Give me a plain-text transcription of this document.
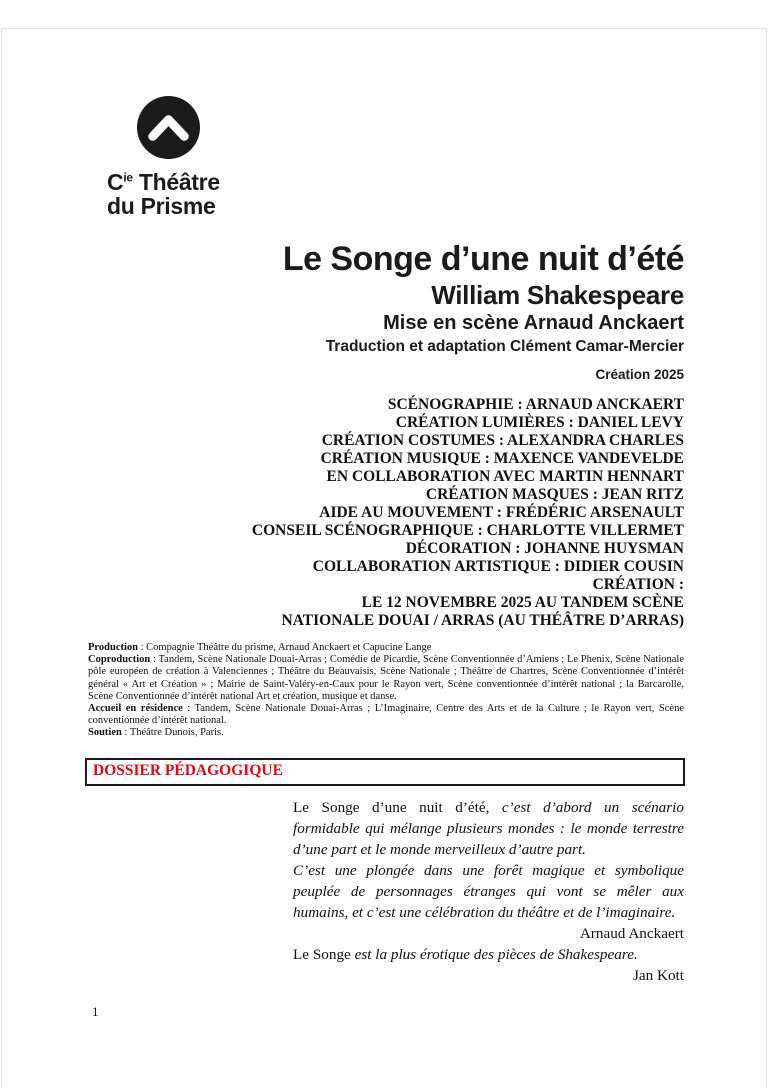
$C^{ie}$ Théâtre
du Prisme
Le Songe d’une nuit d’été
William Shakespeare
Mise en scène Arnaud Anckaert
Traduction et adaptation Clément Camar-Mercier
Création 2025
SCÉNOGRAPHIE : ARNAUD ANCKAERT
CRÉATION LUMIÈRES : DANIEL LEVY
CRÉATION COSTUMES : ALEXANDRA CHARLES
CRÉATION MUSIQUE : MAXENCE VANDEVELDE
EN COLLABORATION AVEC MARTIN HENNART
CRÉATION MASQUES : JEAN RITZ
AIDE AU MOUVEMENT : FRÉDÉRIC ARSENAULT
CONSEIL SCÉNOGRAPHIQUE : CHARLOTTE VILLERMET
DÉCORATION : JOHANNE HUYSMAN
COLLABORATION ARTISTIQUE : DIDIER COUSIN
CRÉATION :
LE 12 NOVEMBRE 2025 AU TANDEM SCÈNE
NATIONALE DOUAI / ARRAS (AU THÉÂTRE D’ARRAS)

Production : Compagnie Théâtre du prisme, Arnaud Anckaert et Capucine Lange

Coproduction : Tandem, Scène Nationale Douai-Arras ; Comédie de Picardie, Scène Conventionnée d’Amiens ; Le Phenix, Scène Nationale pôle européen de création à Valenciennes ; Théâtre du Beauvaisis, Scène Nationale ; Théâtre de Chartres, Scène Conventionnée d’intérêt général « Art et Création » ; Mairie de Saint-Valéry-en-Caux pour le Rayon vert, Scène conventionnée d’intérêt national ; la Barcarolle, Scène Conventionnée d’intérêt national Art et création, musique et danse.

Accueil en résidence : Tandem, Scène Nationale Douai-Arras ; L’Imaginaire, Centre des Arts et de la Culture ; le Rayon vert, Scène conventionnée d’intérêt national.

Soutien : Théâtre Dunois, Paris.

DOSSIER PÉDAGOGIQUE

Le Songe d’une nuit d’été, c’est d’abord un scénario formidable qui mélange plusieurs mondes : le monde terrestre d’une part et le monde merveilleux d’autre part.

C’est une plongée dans une forêt magique et symbolique peuplée de personnages étranges qui vont se mêler aux humains, et c’est une célébration du théâtre et de l’imaginaire.

Arnaud Anckaert

Le Songe est la plus érotique des pièces de Shakespeare.

Jan Kott

1
